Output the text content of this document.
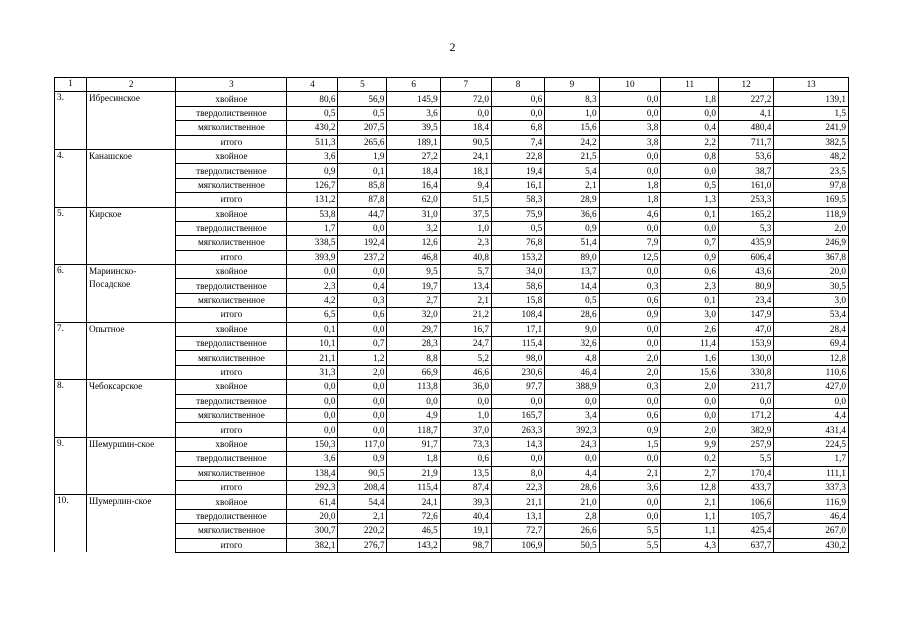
2
1	2	3	4	5	6	7	8	9	10	11	12	13
3.	Ибресинское	хвойное	80,6	56,9	145,9	72,0	0,6	8,3	0,0	1,8	227,2	139,1
		твердолиственное	0,5	0,5	3,6	0,0	0,0	1,0	0,0	0,0	4,1	1,5
		мягколиственное	430,2	207,5	39,5	18,4	6,8	15,6	3,8	0,4	480,4	241,9
		итого	511,3	265,6	189,1	90,5	7,4	24,2	3,8	2,2	711,7	382,5
4.	Канашское	хвойное	3,6	1,9	27,2	24,1	22,8	21,5	0,0	0,8	53,6	48,2
		твердолиственное	0,9	0,1	18,4	18,1	19,4	5,4	0,0	0,0	38,7	23,5
		мягколиственное	126,7	85,8	16,4	9,4	16,1	2,1	1,8	0,5	161,0	97,8
		итого	131,2	87,8	62,0	51,5	58,3	28,9	1,8	1,3	253,3	169,5
5.	Кирское	хвойное	53,8	44,7	31,0	37,5	75,9	36,6	4,6	0,1	165,2	118,9
		твердолиственное	1,7	0,0	3,2	1,0	0,5	0,9	0,0	0,0	5,3	2,0
		мягколиственное	338,5	192,4	12,6	2,3	76,8	51,4	7,9	0,7	435,9	246,9
		итого	393,9	237,2	46,8	40,8	153,2	89,0	12,5	0,9	606,4	367,8
6.	Мариинско-Посадское	хвойное	0,0	0,0	9,5	5,7	34,0	13,7	0,0	0,6	43,6	20,0
		твердолиственное	2,3	0,4	19,7	13,4	58,6	14,4	0,3	2,3	80,9	30,5
		мягколиственное	4,2	0,3	2,7	2,1	15,8	0,5	0,6	0,1	23,4	3,0
		итого	6,5	0,6	32,0	21,2	108,4	28,6	0,9	3,0	147,9	53,4
7.	Опытное	хвойное	0,1	0,0	29,7	16,7	17,1	9,0	0,0	2,6	47,0	28,4
		твердолиственное	10,1	0,7	28,3	24,7	115,4	32,6	0,0	11,4	153,9	69,4
		мягколиственное	21,1	1,2	8,8	5,2	98,0	4,8	2,0	1,6	130,0	12,8
		итого	31,3	2,0	66,9	46,6	230,6	46,4	2,0	15,6	330,8	110,6
8.	Чебоксарское	хвойное	0,0	0,0	113,8	36,0	97,7	388,9	0,3	2,0	211,7	427,0
		твердолиственное	0,0	0,0	0,0	0,0	0,0	0,0	0,0	0,0	0,0	0,0
		мягколиственное	0,0	0,0	4,9	1,0	165,7	3,4	0,6	0,0	171,2	4,4
		итого	0,0	0,0	118,7	37,0	263,3	392,3	0,9	2,0	382,9	431,4
9.	Шемуршин-ское	хвойное	150,3	117,0	91,7	73,3	14,3	24,3	1,5	9,9	257,9	224,5
		твердолиственное	3,6	0,9	1,8	0,6	0,0	0,0	0,0	0,2	5,5	1,7
		мягколиственное	138,4	90,5	21,9	13,5	8,0	4,4	2,1	2,7	170,4	111,1
		итого	292,3	208,4	115,4	87,4	22,3	28,6	3,6	12,8	433,7	337,3
10.	Шумерлин-ское	хвойное	61,4	54,4	24,1	39,3	21,1	21,0	0,0	2,1	106,6	116,9
		твердолиственное	20,0	2,1	72,6	40,4	13,1	2,8	0,0	1,1	105,7	46,4
		мягколиственное	300,7	220,2	46,5	19,1	72,7	26,6	5,5	1,1	425,4	267,0
		итого	382,1	276,7	143,2	98,7	106,9	50,5	5,5	4,3	637,7	430,2
